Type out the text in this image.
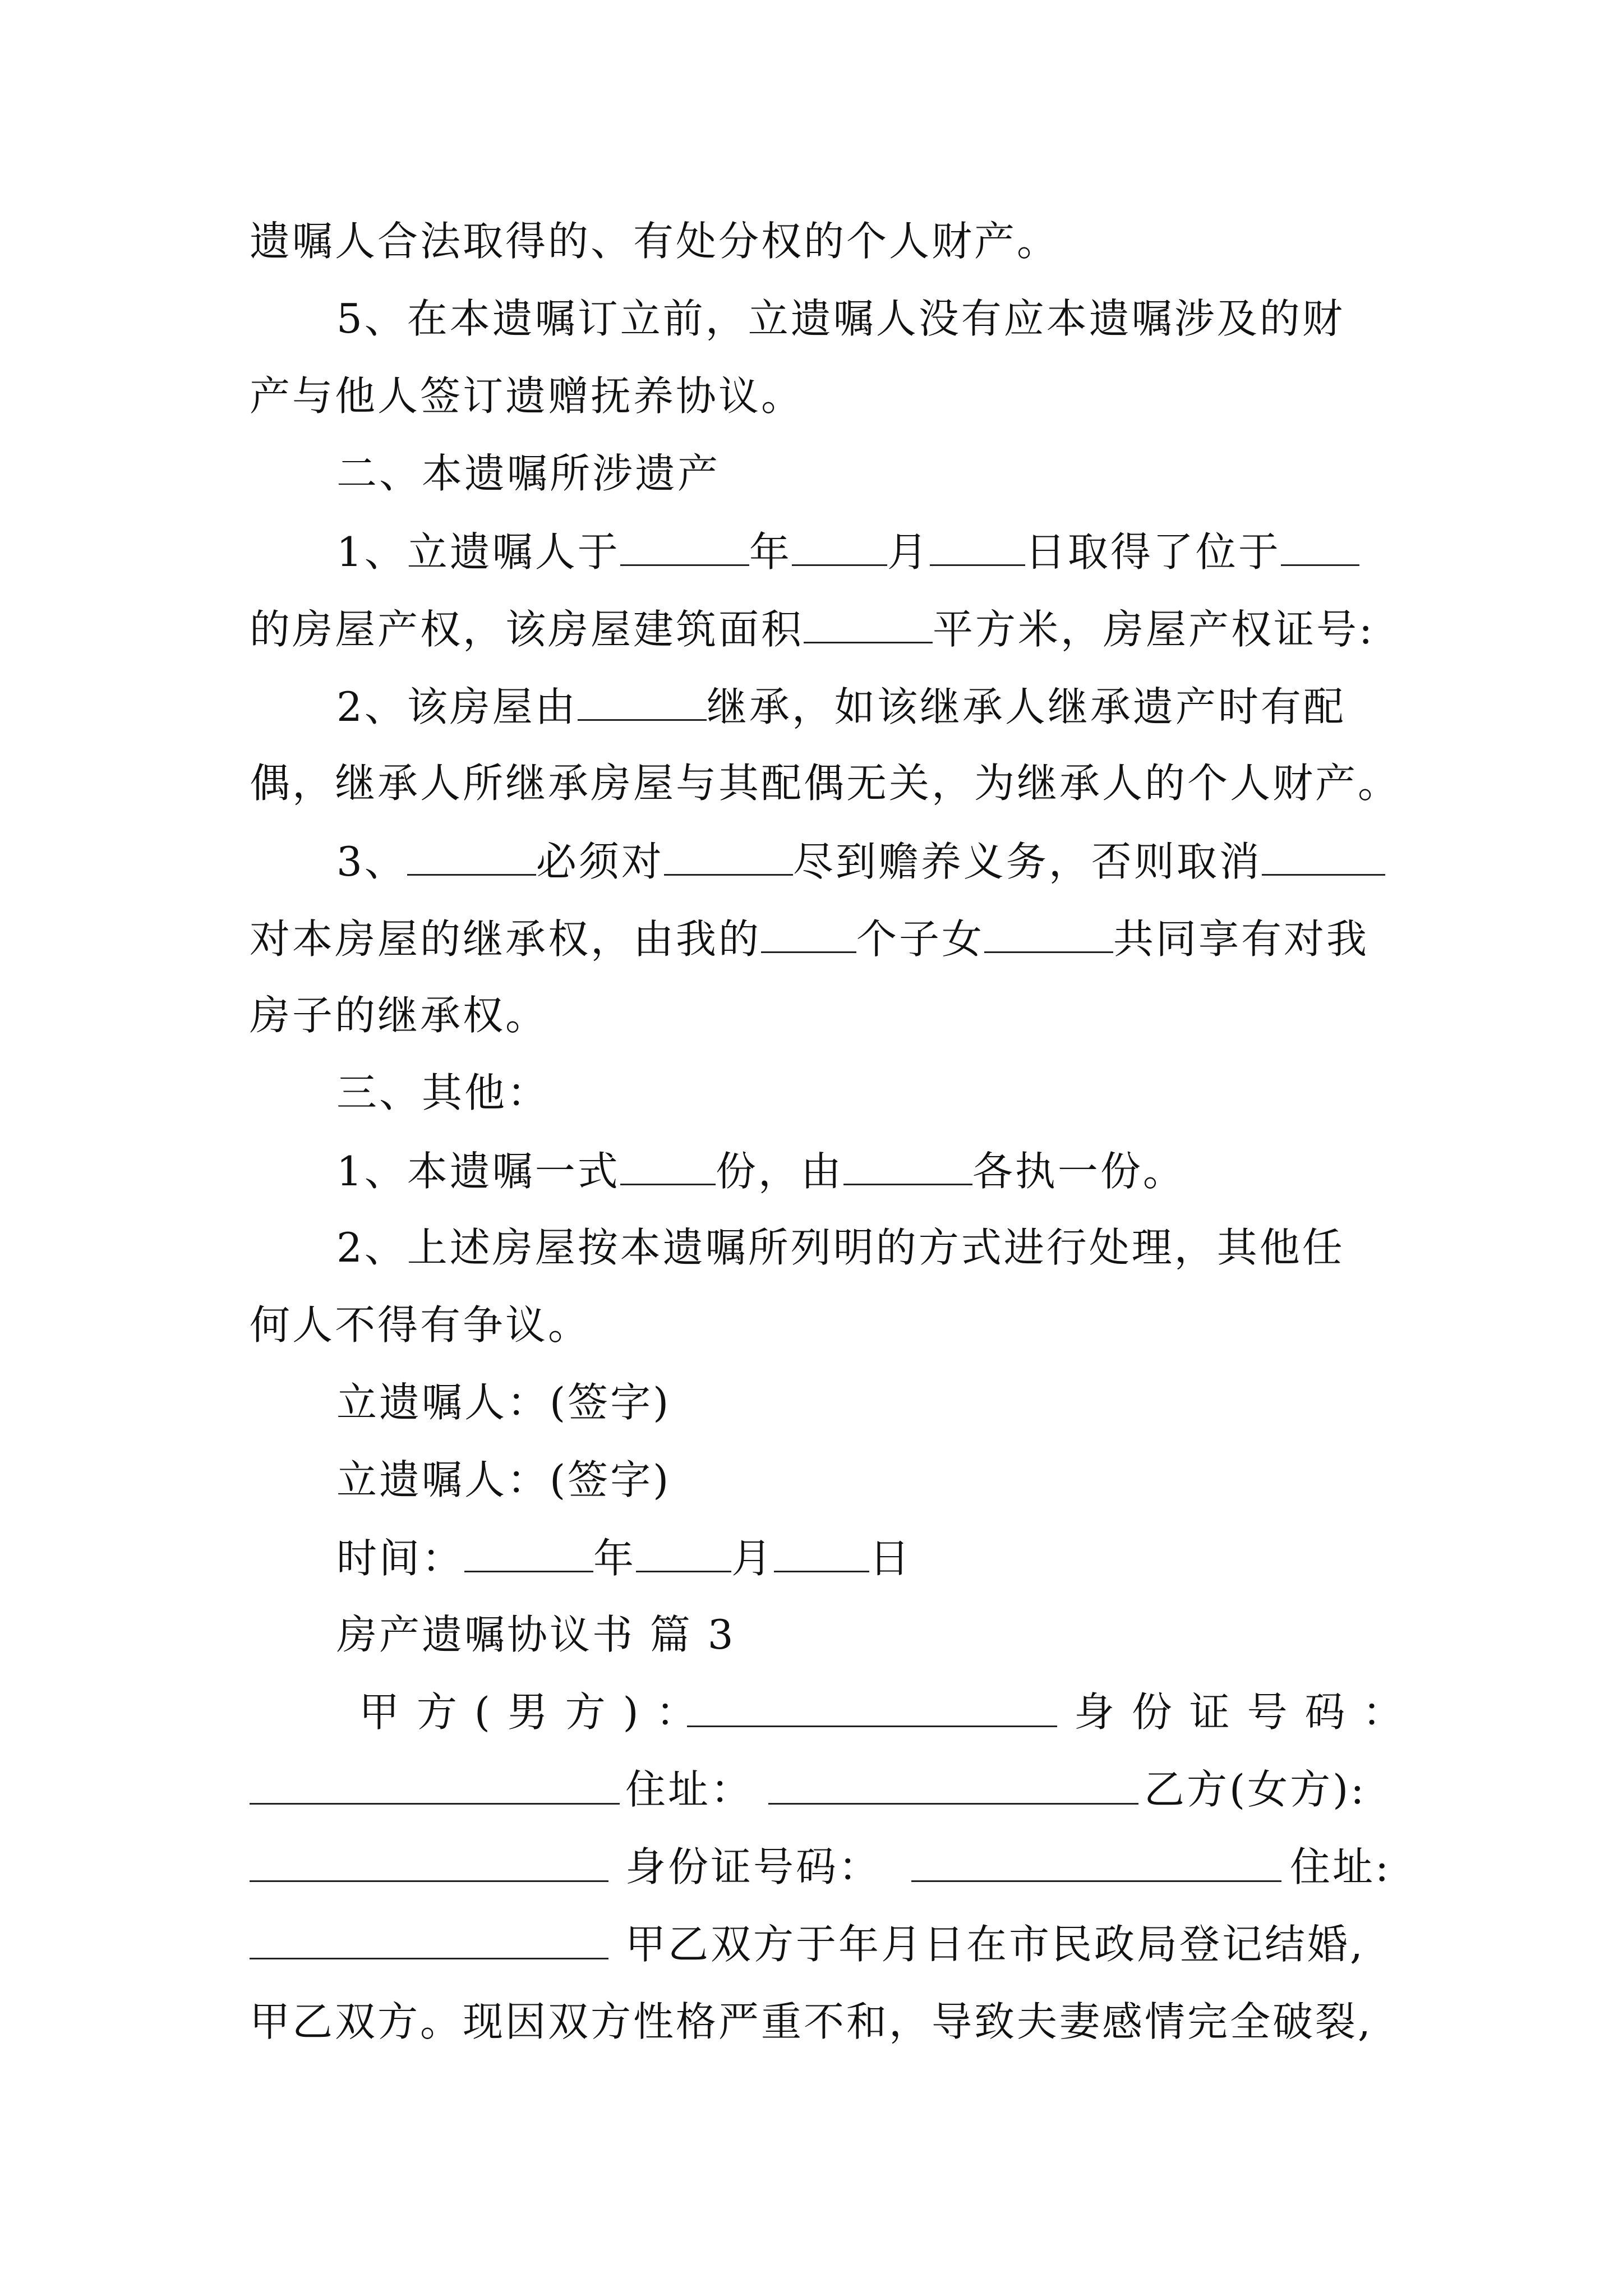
遗嘱人合法取得的、有处分权的个人财产。
5、在本遗嘱订立前，立遗嘱人没有应本遗嘱涉及的财
产与他人签订遗赠抚养协议。
二、本遗嘱所涉遗产
1、立遗嘱人于	年 月 日取得了位于
的房屋产权，该房屋建筑面积	平方米，房屋产权证号:
2、该房屋由	继承，如该继承人继承遗产时有配
偶，继承人所继承房屋与其配偶无关，为继承人的个人财产。
3、	必须对	尽到赡养义务，否则取消
对本房屋的继承权，由我的 个子女	共同享有对我
房子的继承权。
三、其他：
1、本遗嘱一式 份，由	各执一份。
2、上述房屋按本遗嘱所列明的方式进行处理，其他任
何人不得有争议。
立遗嘱人：(签字)
立遗嘱人：(签字)
时间：	年 月 日
房产遗嘱协议书 篇 3
甲 方 ( 男 方 ) ：	身 份 证 号 码 ：
住址：	乙方(女方):
身份证号码：	住址:
甲乙双方于年月日在市民政局登记结婚,
甲乙双方。现因双方性格严重不和，导致夫妻感情完全破裂,
